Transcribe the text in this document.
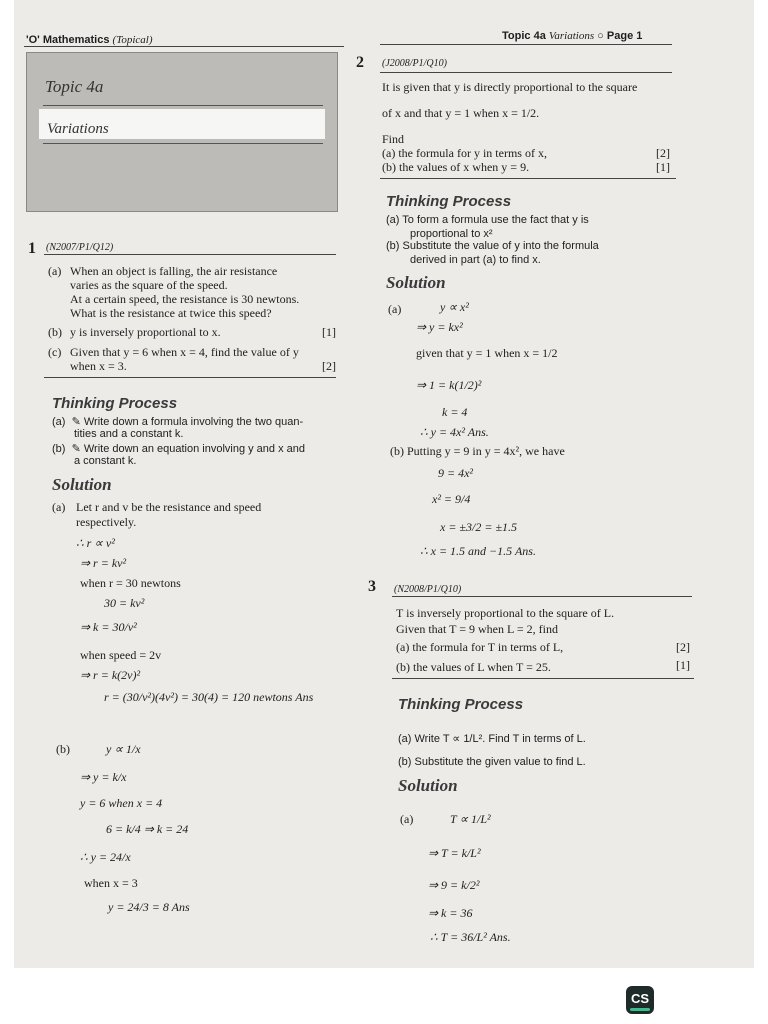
'O' Mathematics (Topical)	Topic 4a Variations ○ Page 1
Topic 4a
Variations
1 (N2007/P1/Q12)
(a) When an object is falling, the air resistance
varies as the square of the speed.
At a certain speed, the resistance is 30 newtons.
What is the resistance at twice this speed?
(b) y is inversely proportional to x.	[1]
(c) Given that y = 6 when x = 4, find the value of y
when x = 3.	[2]
Thinking Process
(a)  ✎ Write down a formula involving the two quan-
tities and a constant k.
(b)  ✎ Write down an equation involving y and x and
a constant k.
Solution
(a) Let r and v be the resistance and speed
respectively.
∴ r ∝ v²
⇒ r = kv²
when r = 30 newtons
30 = kv²
⇒ k = 30/v²
when speed = 2v
⇒ r = k(2v)²
r = (30/v²)(4v²) = 30(4) = 120 newtons Ans
(b)	y ∝ 1/x
⇒ y = k/x
y = 6 when x = 4
6 = k/4 ⇒ k = 24
∴ y = 24/x
when x = 3
y = 24/3 = 8 Ans
2 (J2008/P1/Q10)
It is given that y is directly proportional to the square
of x and that y = 1 when x = 1/2.
Find
(a) the formula for y in terms of x,	[2]
(b) the values of x when y = 9.	[1]
Thinking Process
(a) To form a formula use the fact that y is
proportional to x²
(b) Substitute the value of y into the formula
derived in part (a) to find x.
Solution
(a)	y ∝ x²
⇒ y = kx²
given that y = 1 when x = 1/2
⇒ 1 = k(1/2)²
k = 4
∴ y = 4x² Ans.
(b) Putting y = 9 in y = 4x², we have
9 = 4x²
x² = 9/4
x = ±3/2 = ±1.5
∴ x = 1.5 and −1.5 Ans.
3 (N2008/P1/Q10)
T is inversely proportional to the square of L.
Given that T = 9 when L = 2, find
(a) the formula for T in terms of L,	[2]
(b) the values of L when T = 25.	[1]
Thinking Process
(a) Write T ∝ 1/L². Find T in terms of L.
(b) Substitute the given value to find L.
Solution
(a)	T ∝ 1/L²
⇒ T = k/L²
⇒ 9 = k/2²
⇒ k = 36
∴ T = 36/L² Ans.
CS
